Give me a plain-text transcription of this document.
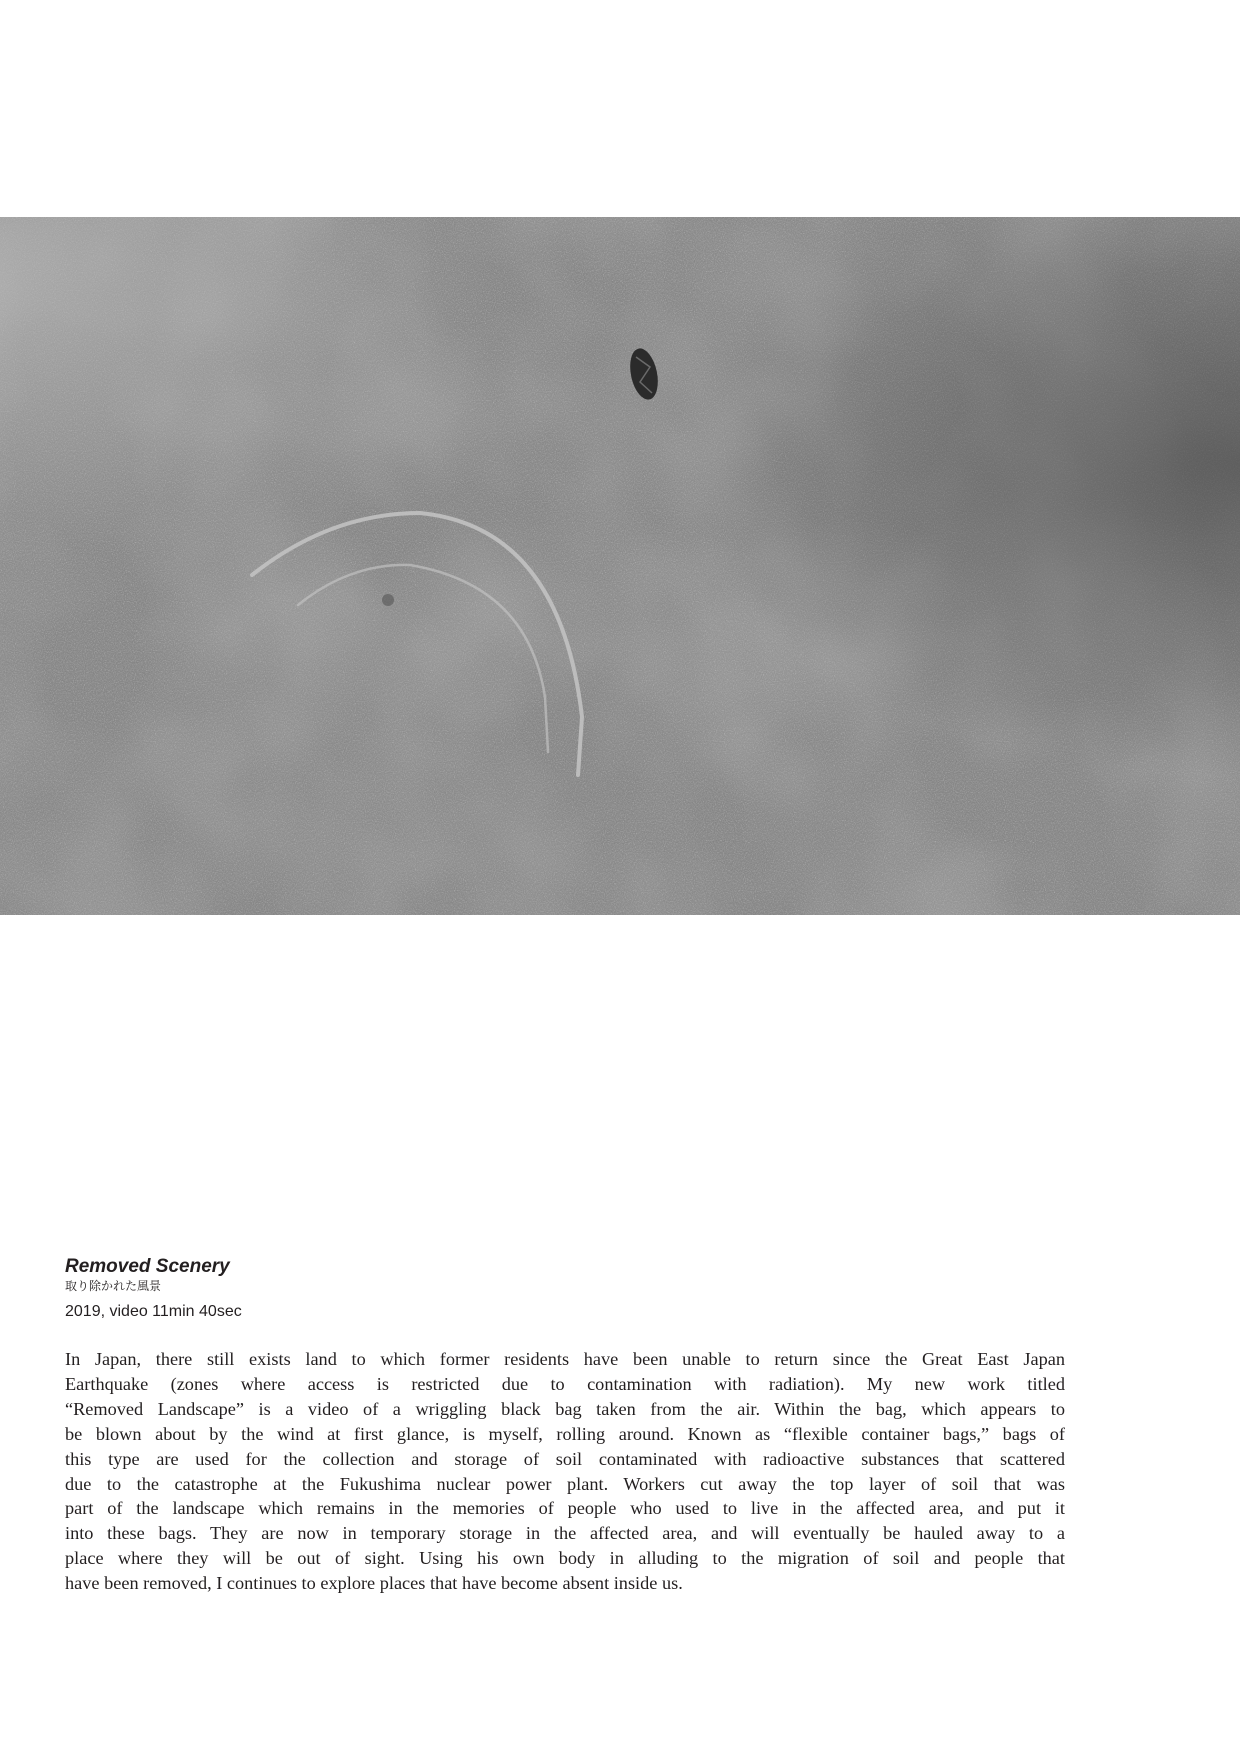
Removed Scenery

取り除かれた風景

2019, video 11min 40sec
In Japan, there still exists land to which former residents have been unable to return since the Great East Japan
Earthquake (zones where access is restricted due to contamination with radiation). My new work titled
“Removed Landscape” is a video of a wriggling black bag taken from the air. Within the bag, which appears to
be blown about by the wind at first glance, is myself, rolling around. Known as “flexible container bags,” bags of
this type are used for the collection and storage of soil contaminated with radioactive substances that scattered
due to the catastrophe at the Fukushima nuclear power plant. Workers cut away the top layer of soil that was
part of the landscape which remains in the memories of people who used to live in the affected area, and put it
into these bags. They are now in temporary storage in the affected area, and will eventually be hauled away to a
place where they will be out of sight. Using his own body in alluding to the migration of soil and people that
have been removed, I continues to explore places that have become absent inside us.
